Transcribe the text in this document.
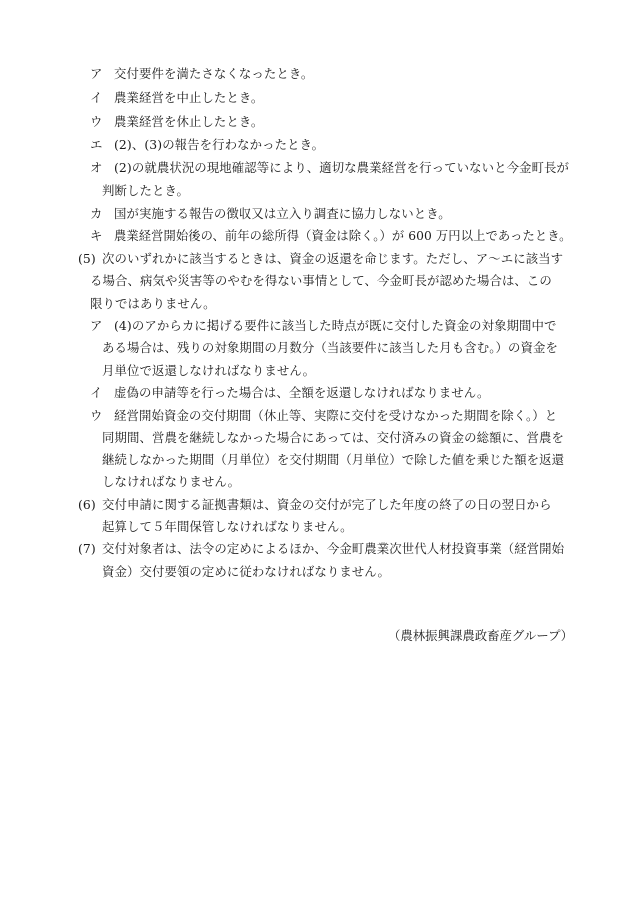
ア 交付要件を満たさなくなったとき。
イ 農業経営を中止したとき。
ウ 農業経営を休止したとき。
エ (2)、(3)の報告を行わなかったとき。
オ (2)の就農状況の現地確認等により、適切な農業経営を行っていないと今金町長が
判断したとき。
カ 国が実施する報告の徴収又は立入り調査に協力しないとき。
キ 農業経営開始後の、前年の総所得（資金は除く。）が 600 万円以上であったとき。
(5) 次のいずれかに該当するときは、資金の返還を命じます。ただし、ア～エに該当す
る場合、病気や災害等のやむを得ない事情として、今金町長が認めた場合は、この
限りではありません。
ア (4)のアからカに掲げる要件に該当した時点が既に交付した資金の対象期間中で
ある場合は、残りの対象期間の月数分（当該要件に該当した月も含む。）の資金を
月単位で返還しなければなりません。
イ 虚偽の申請等を行った場合は、全額を返還しなければなりません。
ウ 経営開始資金の交付期間（休止等、実際に交付を受けなかった期間を除く。）と
同期間、営農を継続しなかった場合にあっては、交付済みの資金の総額に、営農を
継続しなかった期間（月単位）を交付期間（月単位）で除した値を乗じた額を返還
しなければなりません。
(6) 交付申請に関する証拠書類は、資金の交付が完了した年度の終了の日の翌日から
起算して５年間保管しなければなりません。
(7) 交付対象者は、法令の定めによるほか、今金町農業次世代人材投資事業（経営開始
資金）交付要領の定めに従わなければなりません。
（農林振興課農政畜産グループ）
